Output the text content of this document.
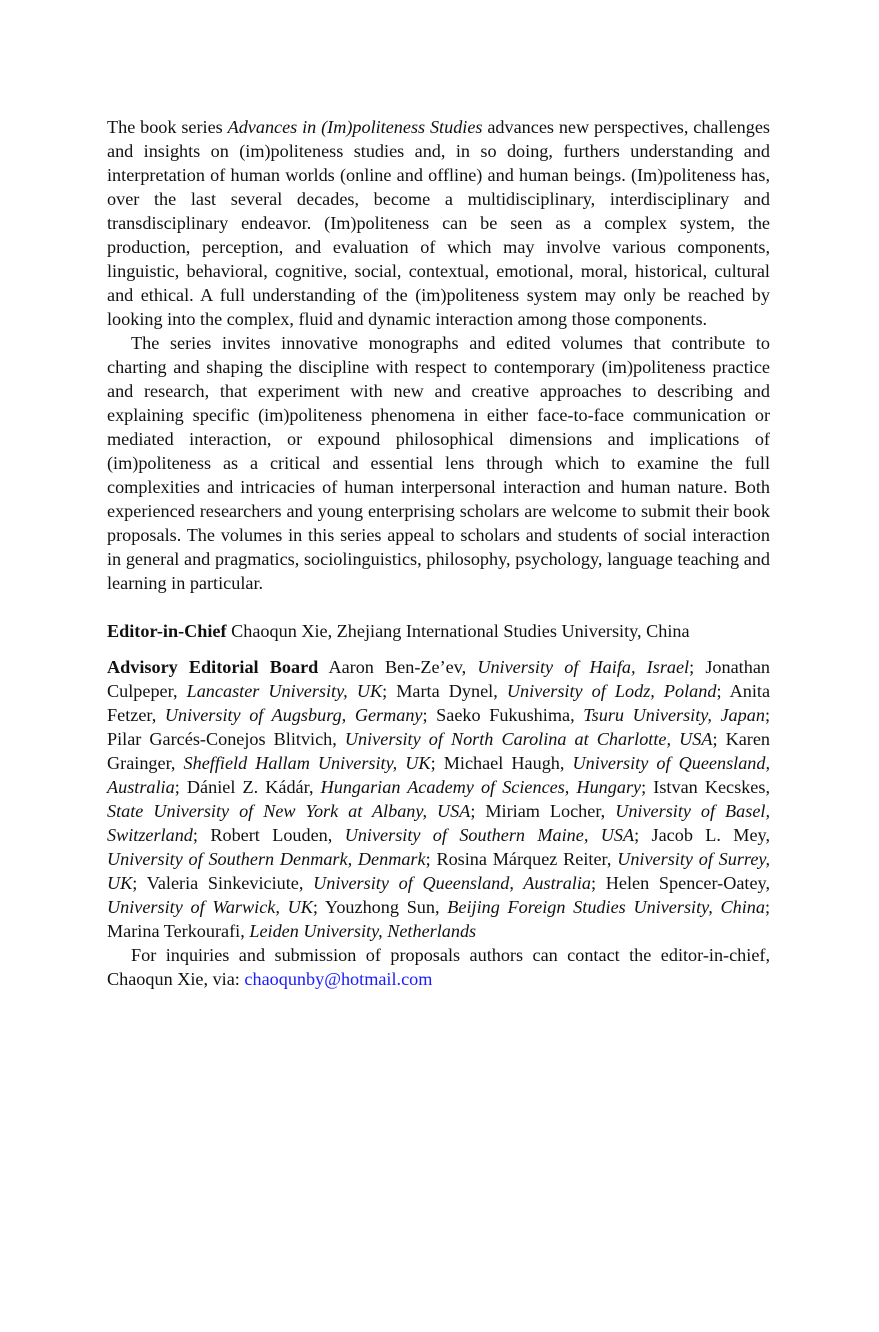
The book series Advances in (Im)politeness Studies advances new perspectives, challenges and insights on (im)politeness studies and, in so doing, furthers understanding and interpretation of human worlds (online and offline) and human beings. (Im)politeness has, over the last several decades, become a multidisciplinary, interdisciplinary and transdisciplinary endeavor. (Im)politeness can be seen as a complex system, the production, perception, and evaluation of which may involve various components, linguistic, behavioral, cognitive, social, contextual, emotional, moral, historical, cultural and ethical. A full understanding of the (im)politeness system may only be reached by looking into the complex, fluid and dynamic interaction among those components.

The series invites innovative monographs and edited volumes that contribute to charting and shaping the discipline with respect to contemporary (im)politeness practice and research, that experiment with new and creative approaches to describing and explaining specific (im)politeness phenomena in either face-to-face communication or mediated interaction, or expound philosophical dimensions and implications of (im)politeness as a critical and essential lens through which to examine the full complexities and intricacies of human interpersonal interaction and human nature. Both experienced researchers and young enterprising scholars are welcome to submit their book proposals. The volumes in this series appeal to scholars and students of social interaction in general and pragmatics, sociolinguistics, philosophy, psychology, language teaching and learning in particular.

Editor-in-Chief Chaoqun Xie, Zhejiang International Studies University, China

Advisory Editorial Board Aaron Ben-Ze’ev, University of Haifa, Israel; Jonathan Culpeper, Lancaster University, UK; Marta Dynel, University of Lodz, Poland; Anita Fetzer, University of Augsburg, Germany; Saeko Fukushima, Tsuru University, Japan; Pilar Garcés-Conejos Blitvich, University of North Carolina at Charlotte, USA; Karen Grainger, Sheffield Hallam University, UK; Michael Haugh, University of Queensland, Australia; Dániel Z. Kádár, Hungarian Academy of Sciences, Hungary; Istvan Kecskes, State University of New York at Albany, USA; Miriam Locher, University of Basel, Switzerland; Robert Louden, University of Southern Maine, USA; Jacob L. Mey, University of Southern Denmark, Denmark; Rosina Márquez Reiter, University of Surrey, UK; Valeria Sinkeviciute, University of Queensland, Australia; Helen Spencer-Oatey, University of Warwick, UK; Youzhong Sun, Beijing Foreign Studies University, China; Marina Terkourafi, Leiden University, Netherlands

For inquiries and submission of proposals authors can contact the editor-in-chief, Chaoqun Xie, via: chaoqunby@hotmail.com
